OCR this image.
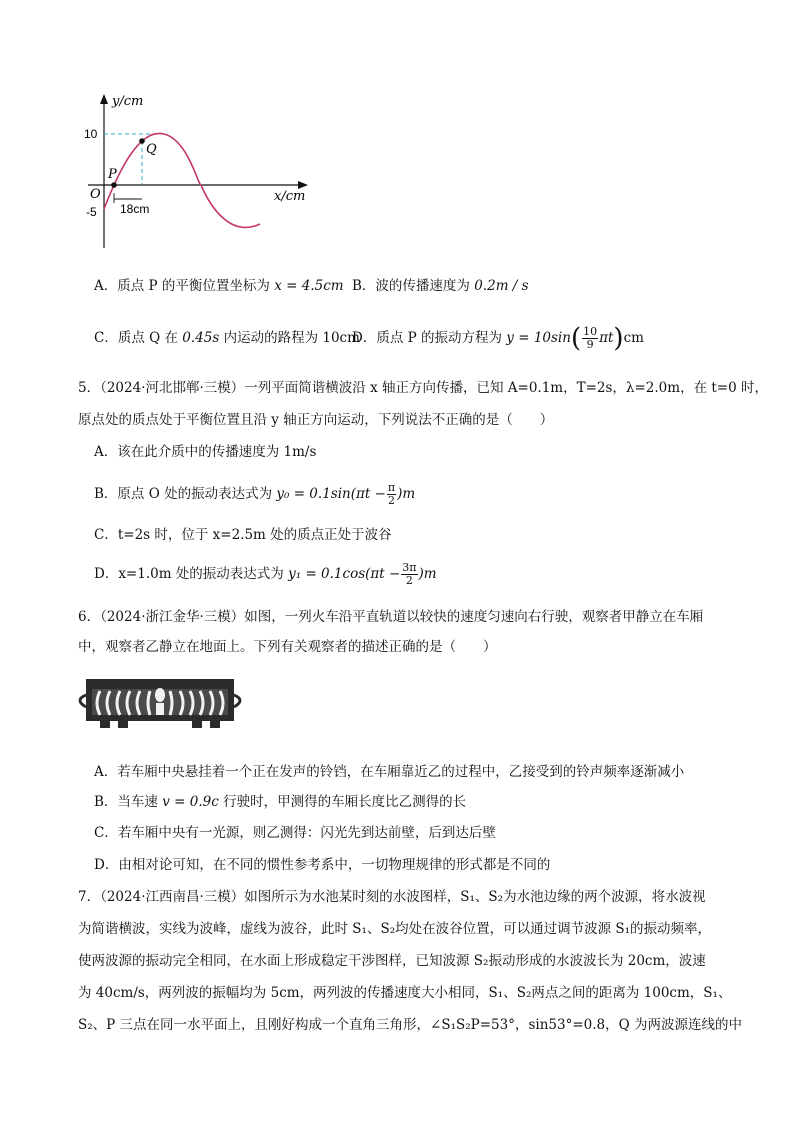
y/cm
x/cm
10
-5
O
P
Q
18cm
A．质点 P 的平衡位置坐标为 x = 4.5cm B．波的传播速度为 0.2m / s
C．质点 Q 在 0.45s 内运动的路程为 10cm
D．质点 P 的振动方程为 $y = 10\sin( \frac{10}{9} \pi t)cm$
5．（2024·河北邯郸·三模）一列平面简谐横波沿 x 轴正方向传播，已知 A=0.1m，T=2s，λ=2.0m，在 t=0 时，
原点处的质点处于平衡位置且沿 y 轴正方向运动，下列说法不正确的是（　　）
A．该在此介质中的传播速度为 1m/s
B．原点 O 处的振动表达式为 $y_0 = 0.1\sin(\pi t - \frac{\pi}{2} )m$
C．t=2s 时，位于 x=2.5m 处的质点正处于波谷
D．x=1.0m 处的振动表达式为 $y_1 = 0.1\cos(\pi t - \frac{3\pi}{2} )m$
6．（2024·浙江金华·三模）如图，一列火车沿平直轨道以较快的速度匀速向右行驶，观察者甲静立在车厢
中，观察者乙静立在地面上。下列有关观察者的描述正确的是（　　）
A．若车厢中央悬挂着一个正在发声的铃铛，在车厢靠近乙的过程中，乙接受到的铃声频率逐渐减小
B．当车速 v = 0.9c 行驶时，甲测得的车厢长度比乙测得的长
C．若车厢中央有一光源，则乙测得：闪光先到达前壁，后到达后壁
D．由相对论可知，在不同的惯性参考系中，一切物理规律的形式都是不同的
7．（2024·江西南昌·三模）如图所示为水池某时刻的水波图样，S₁、S₂为水池边缘的两个波源，将水波视
为简谐横波，实线为波峰，虚线为波谷，此时 S₁、S₂均处在波谷位置，可以通过调节波源 S₁的振动频率，
使两波源的振动完全相同，在水面上形成稳定干涉图样，已知波源 S₂振动形成的水波波长为 20cm，波速
为 40cm/s，两列波的振幅均为 5cm，两列波的传播速度大小相同，S₁、S₂两点之间的距离为 100cm，S₁、
S₂、P 三点在同一水平面上，且刚好构成一个直角三角形，∠S₁S₂P=53°，sin53°=0.8，Q 为两波源连线的中
